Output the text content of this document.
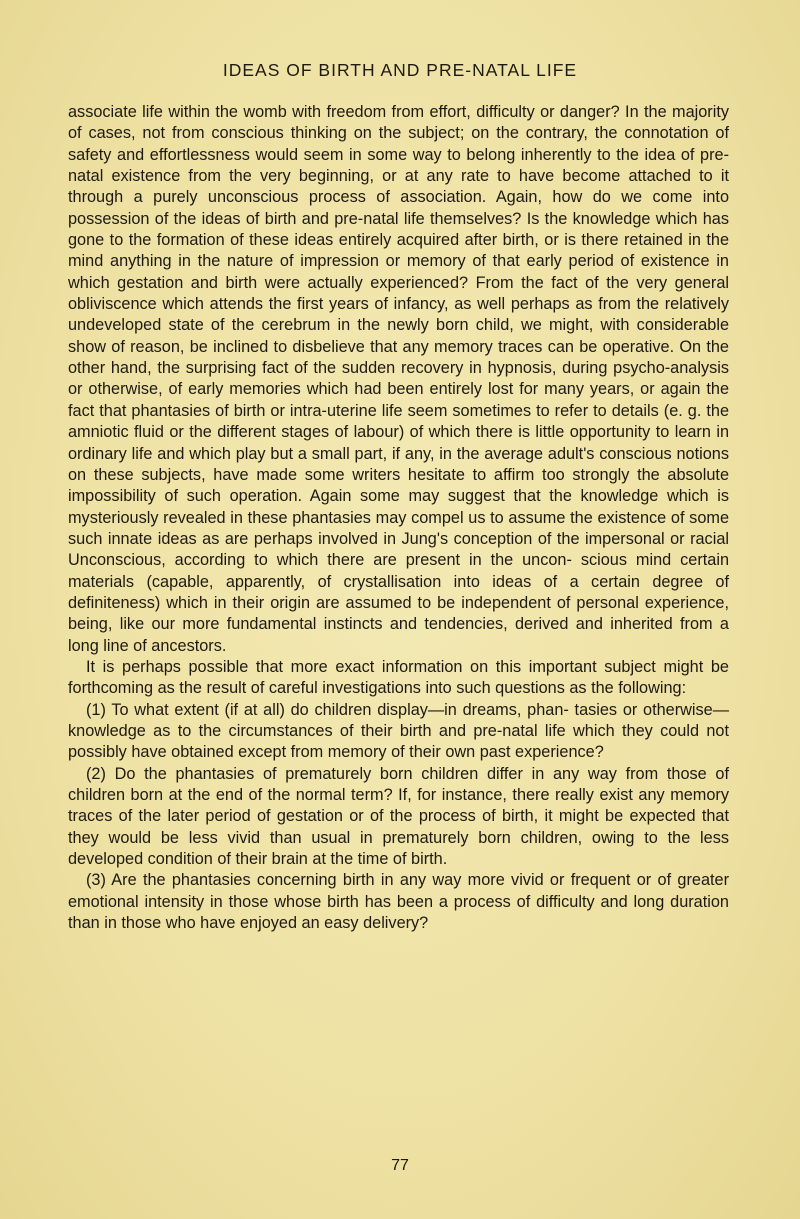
IDEAS OF BIRTH AND PRE-NATAL LIFE

associate life within the womb with freedom from effort, difficulty or danger? In the majority of cases, not from conscious thinking on the subject; on the contrary, the connotation of safety and effortlessness would seem in some way to belong inherently to the idea of pre-natal existence from the very beginning, or at any rate to have become attached to it through a purely unconscious process of association. Again, how do we come into possession of the ideas of birth and pre-natal life themselves? Is the knowledge which has gone to the formation of these ideas entirely acquired after birth, or is there retained in the mind anything in the nature of impression or memory of that early period of existence in which gestation and birth were actually experienced? From the fact of the very general obliviscence which attends the first years of infancy, as well perhaps as from the relatively undeveloped state of the cerebrum in the newly born child, we might, with considerable show of reason, be inclined to disbelieve that any memory traces can be operative. On the other hand, the surprising fact of the sudden recovery in hypnosis, during psycho-analysis or otherwise, of early memories which had been entirely lost for many years, or again the fact that phantasies of birth or intra-uterine life seem sometimes to refer to details (e. g. the amniotic fluid or the different stages of labour) of which there is little opportunity to learn in ordinary life and which play but a small part, if any, in the average adult's conscious notions on these subjects, have made some writers hesitate to affirm too strongly the absolute impossibility of such operation. Again some may suggest that the knowledge which is mysteriously revealed in these phantasies may compel us to assume the existence of some such innate ideas as are perhaps involved in Jung's conception of the impersonal or racial Unconscious, according to which there are present in the uncon- scious mind certain materials (capable, apparently, of crystallisation into ideas of a certain degree of definiteness) which in their origin are assumed to be independent of personal experience, being, like our more fundamental instincts and tendencies, derived and inherited from a long line of ancestors.

It is perhaps possible that more exact information on this important subject might be forthcoming as the result of careful investigations into such questions as the following:

(1) To what extent (if at all) do children display—in dreams, phan- tasies or otherwise—knowledge as to the circumstances of their birth and pre-natal life which they could not possibly have obtained except from memory of their own past experience?

(2) Do the phantasies of prematurely born children differ in any way from those of children born at the end of the normal term? If, for instance, there really exist any memory traces of the later period of gestation or of the process of birth, it might be expected that they would be less vivid than usual in prematurely born children, owing to the less developed condition of their brain at the time of birth.

(3) Are the phantasies concerning birth in any way more vivid or frequent or of greater emotional intensity in those whose birth has been a process of difficulty and long duration than in those who have enjoyed an easy delivery?

77
